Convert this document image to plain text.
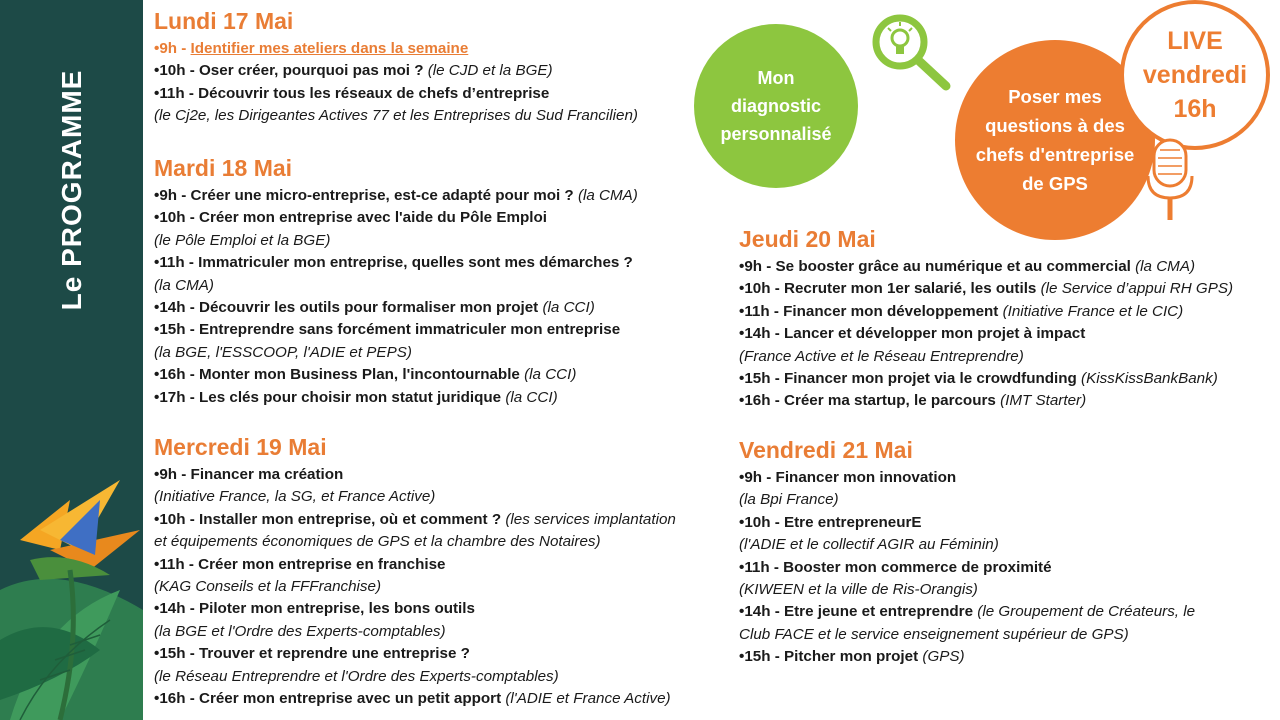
Le PROGRAMME
Lundi 17 Mai
•9h - Identifier mes ateliers dans la semaine
•10h - Oser créer, pourquoi pas moi ? (le CJD et la BGE)
•11h - Découvrir tous les réseaux de chefs d’entreprise
(le Cj2e, les Dirigeantes Actives 77 et les Entreprises du Sud Francilien)
Mardi 18 Mai
•9h - Créer une micro-entreprise, est-ce adapté pour moi ? (la CMA)
•10h - Créer mon entreprise avec l'aide du Pôle Emploi
(le Pôle Emploi et la BGE)
•11h - Immatriculer mon entreprise, quelles sont mes démarches ?
(la CMA)
•14h - Découvrir les outils pour formaliser mon projet (la CCI)
•15h - Entreprendre sans forcément immatriculer mon entreprise
(la BGE, l'ESSCOOP, l'ADIE et PEPS)
•16h - Monter mon Business Plan, l'incontournable (la CCI)
•17h - Les clés pour choisir mon statut juridique (la CCI)
Mercredi 19 Mai
•9h - Financer ma création
(Initiative France, la SG, et France Active)
•10h - Installer mon entreprise, où et comment ? (les services implantation
et équipements économiques de GPS et la chambre des Notaires)
•11h - Créer mon entreprise en franchise
(KAG Conseils et la FFFranchise)
•14h - Piloter mon entreprise, les bons outils
(la BGE et l'Ordre des Experts-comptables)
•15h - Trouver et reprendre une entreprise ?
(le Réseau Entreprendre et l'Ordre des Experts-comptables)
•16h - Créer mon entreprise avec un petit apport (l'ADIE et France Active)
Jeudi 20 Mai
•9h - Se booster grâce au numérique et au commercial (la CMA)
•10h - Recruter mon 1er salarié, les outils (le Service d’appui RH GPS)
•11h - Financer mon développement (Initiative France et le CIC)
•14h - Lancer et développer mon projet à impact
(France Active et le Réseau Entreprendre)
•15h - Financer mon projet via le crowdfunding (KissKissBankBank)
•16h - Créer ma startup, le parcours (IMT Starter)
Vendredi 21 Mai
•9h - Financer mon innovation
(la Bpi France)
•10h - Etre entrepreneurE
(l'ADIE et le collectif AGIR au Féminin)
•11h - Booster mon commerce de proximité
(KIWEEN et la ville de Ris-Orangis)
•14h - Etre jeune et entreprendre (le Groupement de Créateurs, le
Club FACE et le service enseignement supérieur de GPS)
•15h - Pitcher mon projet (GPS)
Mon
diagnostic
personnalisé
Poser mes
questions à des
chefs d'entreprise
de GPS
LIVE
vendredi
16h
